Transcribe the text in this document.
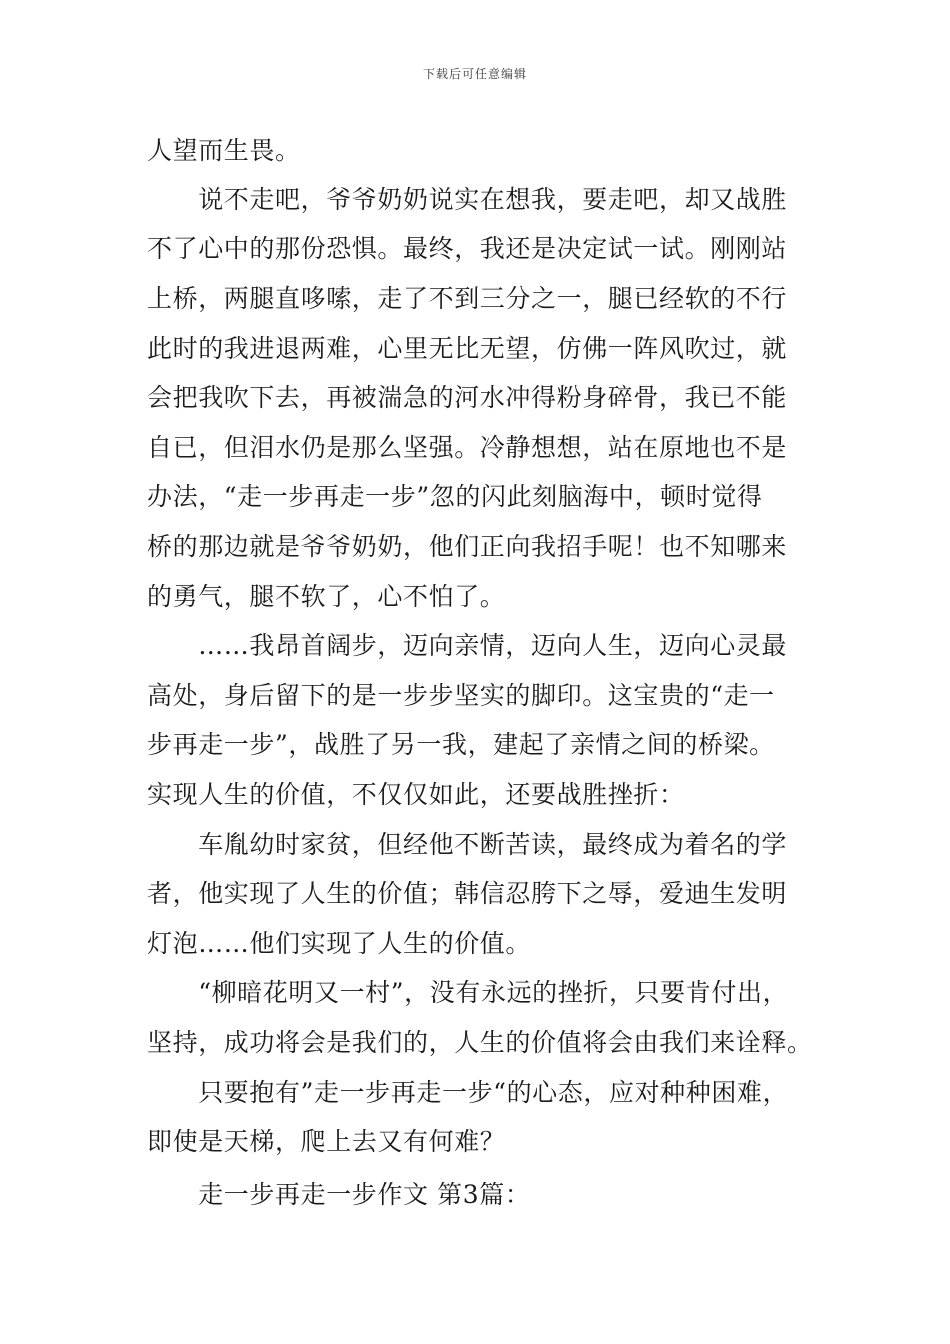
下载后可任意编辑
人望而生畏。
　　说不走吧，爷爷奶奶说实在想我，要走吧，却又战胜
不了心中的那份恐惧。最终，我还是决定试一试。刚刚站
上桥，两腿直哆嗦，走了不到三分之一，腿已经软的不行
此时的我进退两难，心里无比无望，仿佛一阵风吹过，就
会把我吹下去，再被湍急的河水冲得粉身碎骨，我已不能
自已，但泪水仍是那么坚强。冷静想想，站在原地也不是
办法，“走一步再走一步”忽的闪此刻脑海中，顿时觉得
桥的那边就是爷爷奶奶，他们正向我招手呢！也不知哪来
的勇气，腿不软了，心不怕了。
　　……我昂首阔步，迈向亲情，迈向人生，迈向心灵最
高处，身后留下的是一步步坚实的脚印。这宝贵的“走一
步再走一步”，战胜了另一我，建起了亲情之间的桥梁。
实现人生的价值，不仅仅如此，还要战胜挫折：
　　车胤幼时家贫，但经他不断苦读，最终成为着名的学
者，他实现了人生的价值；韩信忍胯下之辱，爱迪生发明
灯泡……他们实现了人生的价值。
　　“柳暗花明又一村”，没有永远的挫折，只要肯付出，
坚持，成功将会是我们的，人生的价值将会由我们来诠释。
　　只要抱有”走一步再走一步“的心态，应对种种困难，
即使是天梯，爬上去又有何难？
　　走一步再走一步作文 第3篇：
